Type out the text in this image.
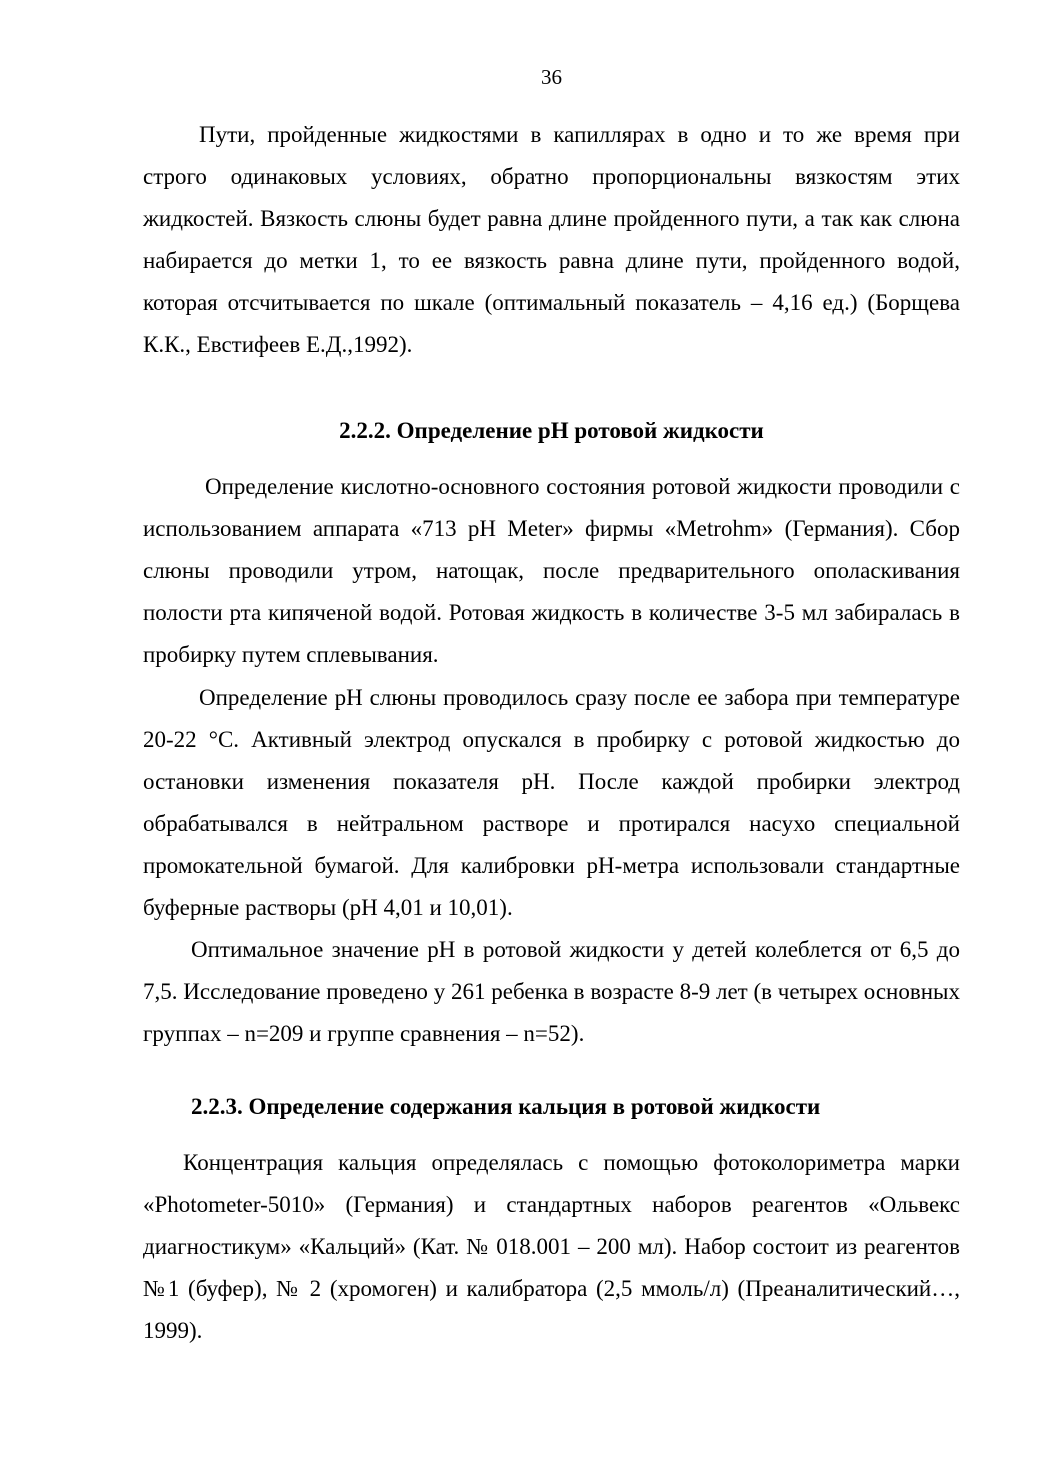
36

Пути, пройденные жидкостями в капиллярах в одно и то же время при строго одинаковых условиях, обратно пропорциональны вязкостям этих жидкостей. Вязкость слюны будет равна длине пройденного пути, а так как слюна набирается до метки 1, то ее вязкость равна длине пути, пройденного водой, которая отсчитывается по шкале (оптимальный показатель – 4,16 ед.) (Борщева К.К., Евстифеев Е.Д.,1992).

2.2.2. Определение рН ротовой жидкости

Определение кислотно-основного состояния ротовой жидкости проводили с использованием аппарата «713 pH Meter» фирмы «Metrohm» (Германия). Сбор слюны проводили утром, натощак, после предварительного ополаскивания полости рта кипяченой водой. Ротовая жидкость в количестве 3-5 мл забиралась в пробирку путем сплевывания.

Определение рН слюны проводилось сразу после ее забора при температуре 20-22 °С. Активный электрод опускался в пробирку с ротовой жидкостью до остановки изменения показателя рН. После каждой пробирки электрод обрабатывался в нейтральном растворе и протирался насухо специальной промокательной бумагой. Для калибровки рН-метра использовали стандартные буферные растворы (рН 4,01 и 10,01).

Оптимальное значение рН в ротовой жидкости у детей колеблется от 6,5 до 7,5. Исследование проведено у 261 ребенка в возрасте 8-9 лет (в четырех основных группах – n=209 и группе сравнения – n=52).

2.2.3. Определение содержания кальция в ротовой жидкости

Концентрация кальция определялась с помощью фотоколориметра марки «Photometer-5010» (Германия) и стандартных наборов реагентов «Ольвекс диагностикум» «Кальций» (Кат. № 018.001 – 200 мл). Набор состоит из реагентов №1 (буфер), № 2 (хромоген) и калибратора (2,5 ммоль/л) (Преаналитический…, 1999).
